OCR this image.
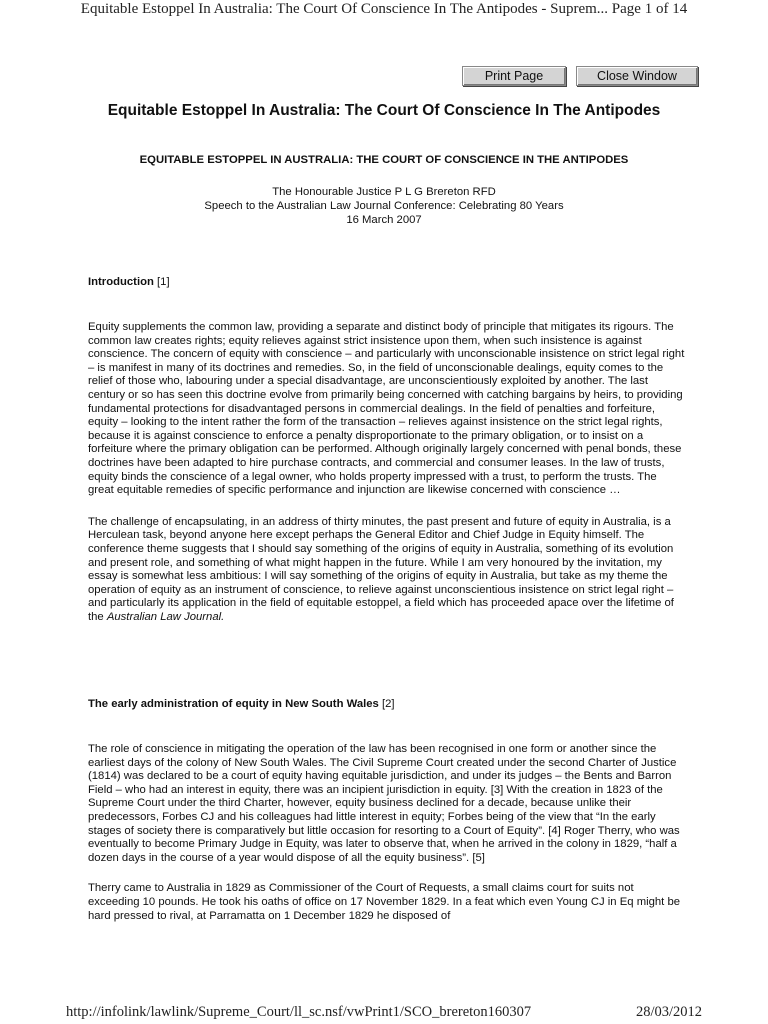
Equitable Estoppel In Australia: The Court Of Conscience In The Antipodes - Suprem... Page 1 of 14
Print Page	Close Window
Equitable Estoppel In Australia: The Court Of Conscience In The Antipodes
EQUITABLE ESTOPPEL IN AUSTRALIA: THE COURT OF CONSCIENCE IN THE ANTIPODES
The Honourable Justice P L G Brereton RFD
Speech to the Australian Law Journal Conference: Celebrating 80 Years
16 March 2007
Introduction [1]

Equity supplements the common law, providing a separate and distinct body of principle that mitigates its rigours. The common law creates rights; equity relieves against strict insistence upon them, when such insistence is against conscience. The concern of equity with conscience – and particularly with unconscionable insistence on strict legal right – is manifest in many of its doctrines and remedies. So, in the field of unconscionable dealings, equity comes to the relief of those who, labouring under a special disadvantage, are unconscientiously exploited by another. The last century or so has seen this doctrine evolve from primarily being concerned with catching bargains by heirs, to providing fundamental protections for disadvantaged persons in commercial dealings. In the field of penalties and forfeiture, equity – looking to the intent rather the form of the transaction – relieves against insistence on the strict legal rights, because it is against conscience to enforce a penalty disproportionate to the primary obligation, or to insist on a forfeiture where the primary obligation can be performed. Although originally largely concerned with penal bonds, these doctrines have been adapted to hire purchase contracts, and commercial and consumer leases. In the law of trusts, equity binds the conscience of a legal owner, who holds property impressed with a trust, to perform the trusts. The great equitable remedies of specific performance and injunction are likewise concerned with conscience …

The challenge of encapsulating, in an address of thirty minutes, the past present and future of equity in Australia, is a Herculean task, beyond anyone here except perhaps the General Editor and Chief Judge in Equity himself. The conference theme suggests that I should say something of the origins of equity in Australia, something of its evolution and present role, and something of what might happen in the future. While I am very honoured by the invitation, my essay is somewhat less ambitious: I will say something of the origins of equity in Australia, but take as my theme the operation of equity as an instrument of conscience, to relieve against unconscientious insistence on strict legal right – and particularly its application in the field of equitable estoppel, a field which has proceeded apace over the lifetime of the Australian Law Journal.

The early administration of equity in New South Wales [2]

The role of conscience in mitigating the operation of the law has been recognised in one form or another since the earliest days of the colony of New South Wales. The Civil Supreme Court created under the second Charter of Justice (1814) was declared to be a court of equity having equitable jurisdiction, and under its judges – the Bents and Barron Field – who had an interest in equity, there was an incipient jurisdiction in equity. [3] With the creation in 1823 of the Supreme Court under the third Charter, however, equity business declined for a decade, because unlike their predecessors, Forbes CJ and his colleagues had little interest in equity; Forbes being of the view that “In the early stages of society there is comparatively but little occasion for resorting to a Court of Equity”. [4] Roger Therry, who was eventually to become Primary Judge in Equity, was later to observe that, when he arrived in the colony in 1829, “half a dozen days in the course of a year would dispose of all the equity business”. [5]

Therry came to Australia in 1829 as Commissioner of the Court of Requests, a small claims court for suits not exceeding 10 pounds. He took his oaths of office on 17 November 1829. In a feat which even Young CJ in Eq might be hard pressed to rival, at Parramatta on 1 December 1829 he disposed of

http://infolink/lawlink/Supreme_Court/ll_sc.nsf/vwPrint1/SCO_brereton160307	28/03/2012
